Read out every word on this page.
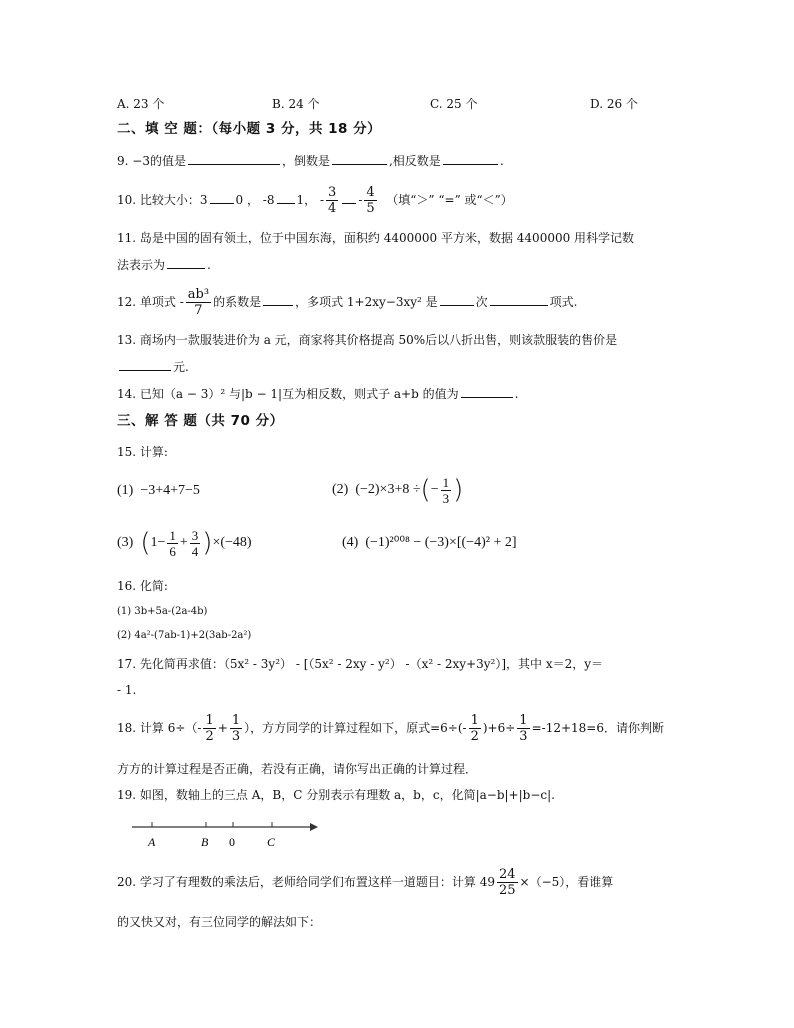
A. 23 个	B. 24 个	C. 25 个	D. 26 个
二、填 空 题：（每小题 3 分，共 18 分）
9. −3的值是	，倒数是	,相反数是	.
10. 比较大小：3 0 ， -8 1， - $\frac{3}{4} - \frac{4}{5}$ （填“＞” “=” 或“＜”）
11. 岛是中国的固有领土，位于中国东海，面积约 4400000 平方米，数据 4400000 用科学记数
法表示为	.
12. 单项式 - $\frac{\text{ab³}}{7}$ 的系数是	，多项式 1+2xy−3xy² 是	次	项式.
13. 商场内一款服装进价为 a 元，商家将其价格提高 50%后以八折出售，则该款服装的售价是
元.
14. 已知（a − 3）² 与|b − 1|互为相反数，则式子 a+b 的值为	.
三、解 答 题（共 70 分）
15. 计算:
(1) −3+4+7−5	(2) (−2)×3+8 ÷(− $\frac{1}{3}$ )
(3) $(1- \frac{1}{6} + \frac{3}{4} )\times(-48)$	(4) (−1)²⁰⁰⁸ − (−3)×[(−4)² + 2]
16. 化简:
(1) 3b+5a-(2a-4b)
(2) 4a²-(7ab-1)+2(3ab-2a²)
17. 先化简再求值：（5x² - 3y²） - [（5x² - 2xy - y²） -（x² - 2xy+3y²）]，其中 x＝2，y＝
- 1.
18. 计算 $6\div(- \frac{1}{2} + \frac{1}{3}$ ），方方同学的计算过程如下，原式$=6\div(- \frac{1}{2} )+6\div \frac{1}{3} =-12+18=6$．请你判断
方方的计算过程是否正确，若没有正确，请你写出正确的计算过程．
19. 如图，数轴上的三点 A，B，C 分别表示有理数 a，b，c，化简|a−b|+|b−c|.
A	B 0	C
20. 学习了有理数的乘法后，老师给同学们布置这样一道题目：计算 $49 \frac{24}{25} \times(-5)$，看谁算
的又快又对，有三位同学的解法如下：
